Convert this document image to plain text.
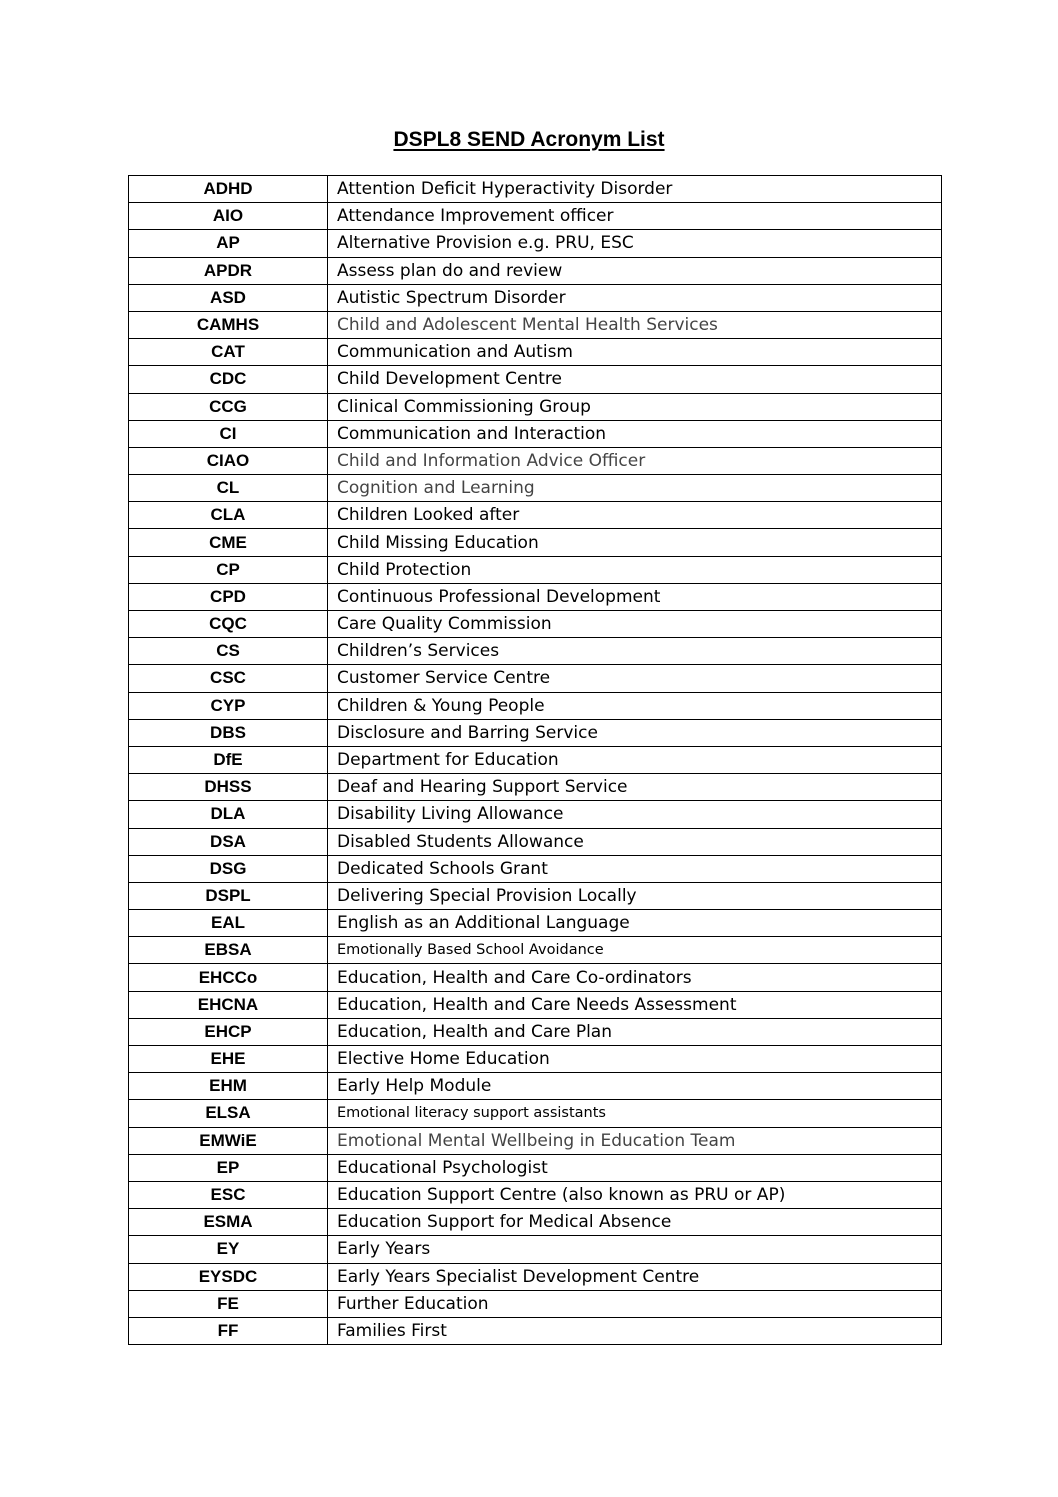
DSPL8 SEND Acronym List
ADHD	Attention Deficit Hyperactivity Disorder
AIO	Attendance Improvement officer
AP	Alternative Provision e.g. PRU, ESC
APDR	Assess plan do and review
ASD	Autistic Spectrum Disorder
CAMHS	Child and Adolescent Mental Health Services
CAT	Communication and Autism
CDC	Child Development Centre
CCG	Clinical Commissioning Group
CI	Communication and Interaction
CIAO	Child and Information Advice Officer
CL	Cognition and Learning
CLA	Children Looked after
CME	Child Missing Education
CP	Child Protection
CPD	Continuous Professional Development
CQC	Care Quality Commission
CS	Children’s Services
CSC	Customer Service Centre
CYP	Children & Young People
DBS	Disclosure and Barring Service
DfE	Department for Education
DHSS	Deaf and Hearing Support Service
DLA	Disability Living Allowance
DSA	Disabled Students Allowance
DSG	Dedicated Schools Grant
DSPL	Delivering Special Provision Locally
EAL	English as an Additional Language
EBSA	Emotionally Based School Avoidance
EHCCo	Education, Health and Care Co-ordinators
EHCNA	Education, Health and Care Needs Assessment
EHCP	Education, Health and Care Plan
EHE	Elective Home Education
EHM	Early Help Module
ELSA	Emotional literacy support assistants
EMWiE	Emotional Mental Wellbeing in Education Team
EP	Educational Psychologist
ESC	Education Support Centre (also known as PRU or AP)
ESMA	Education Support for Medical Absence
EY	Early Years
EYSDC	Early Years Specialist Development Centre
FE	Further Education
FF	Families First
